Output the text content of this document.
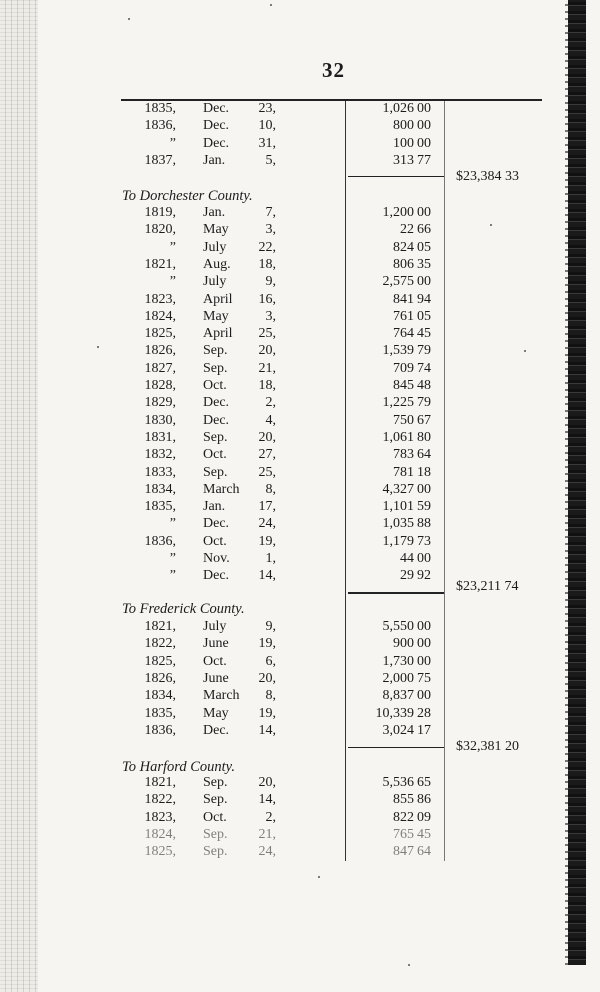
32
1835, Dec.	23,	1,026 00
1836, Dec.	10,	800 00
” Dec.	31,	100 00
1837, Jan.	5,	313 77
$23,384 33
To Dorchester County.
1819, Jan.	7,	1,200 00
1820, May	3,	22 66
” July	22,	824 05
1821, Aug.	18,	806 35
” July	9,	2,575 00
1823, April	16,	841 94
1824, May	3,	761 05
1825, April	25,	764 45
1826, Sep.	20,	1,539 79
1827, Sep.	21,	709 74
1828, Oct.	18,	845 48
1829, Dec.	2,	1,225 79
1830, Dec.	4,	750 67
1831, Sep.	20,	1,061 80
1832, Oct.	27,	783 64
1833, Sep.	25,	781 18
1834, March	8,	4,327 00
1835, Jan.	17,	1,101 59
” Dec.	24,	1,035 88
1836, Oct.	19,	1,179 73
” Nov.	1,	44 00
” Dec.	14,	29 92
$23,211 74
To Frederick County.
1821, July	9,	5,550 00
1822, June	19,	900 00
1825, Oct.	6,	1,730 00
1826, June	20,	2,000 75
1834, March	8,	8,837 00
1835, May	19,	10,339 28
1836, Dec.	14,	3,024 17
$32,381 20
To Harford County.
1821, Sep.	20,	5,536 65
1822, Sep.	14,	855 86
1823, Oct.	2,	822 09
1824, Sep.	21,	765 45
1825, Sep.	24,	847 64
